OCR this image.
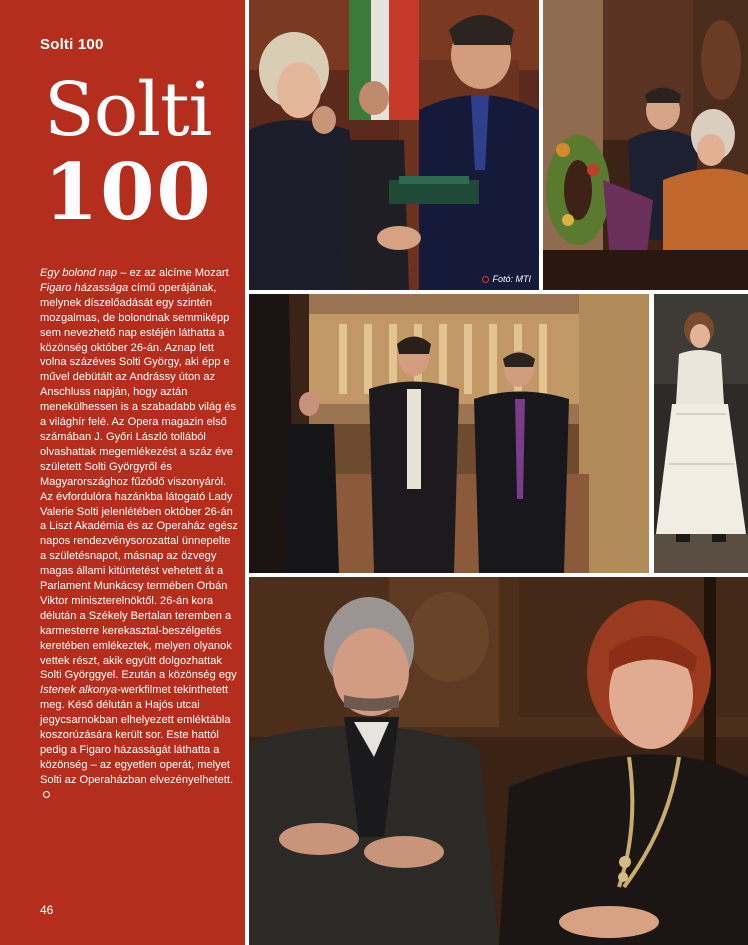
Solti 100
Solti
100

Egy bolond nap – ez az alcíme Mozart Figaro házassága című operájának, melynek díszelőadását egy szintén mozgalmas, de bolondnak semmiképp sem nevezhető nap estéjén láthatta a közönség október 26-án. Aznap lett volna százéves Solti György, aki épp e művel debütált az Andrássy úton az Anschluss napján, hogy aztán menekülhessen is a szabadabb világ és a világhír felé. Az Opera magazin első számában J. Győri László tollából olvashattak megemlékezést a száz éve született Solti Györgyről és Magyarországhoz fűződő viszonyáról. Az évfordulóra hazánkba látogató Lady Valerie Solti jelenlétében október 26-án a Liszt Akadémia és az Operaház egész napos rendezvénysorozattal ünnepelte a születésnapot, másnap az özvegy magas állami kitüntetést vehetett át a Parlament Munkácsy termében Orbán Viktor miniszterelnöktől. 26-án kora délután a Székely Bertalan teremben a karmesterre kerekasztal-beszélgetés keretében emlékeztek, melyen olyanok vettek részt, akik együtt dolgozhattak Solti Györggyel. Ezután a közönség egy Istenek alkonya-werkfilmet tekinthetett meg. Késő délután a Hajós utcai jegycsarnokban elhelyezett emléktábla koszorúzására került sor. Este hattól pedig a Figaro házasságát láthatta a közönség – az egyetlen operát, melyet Solti az Operaházban elvezényelhetett.

46
Fotó: MTI
